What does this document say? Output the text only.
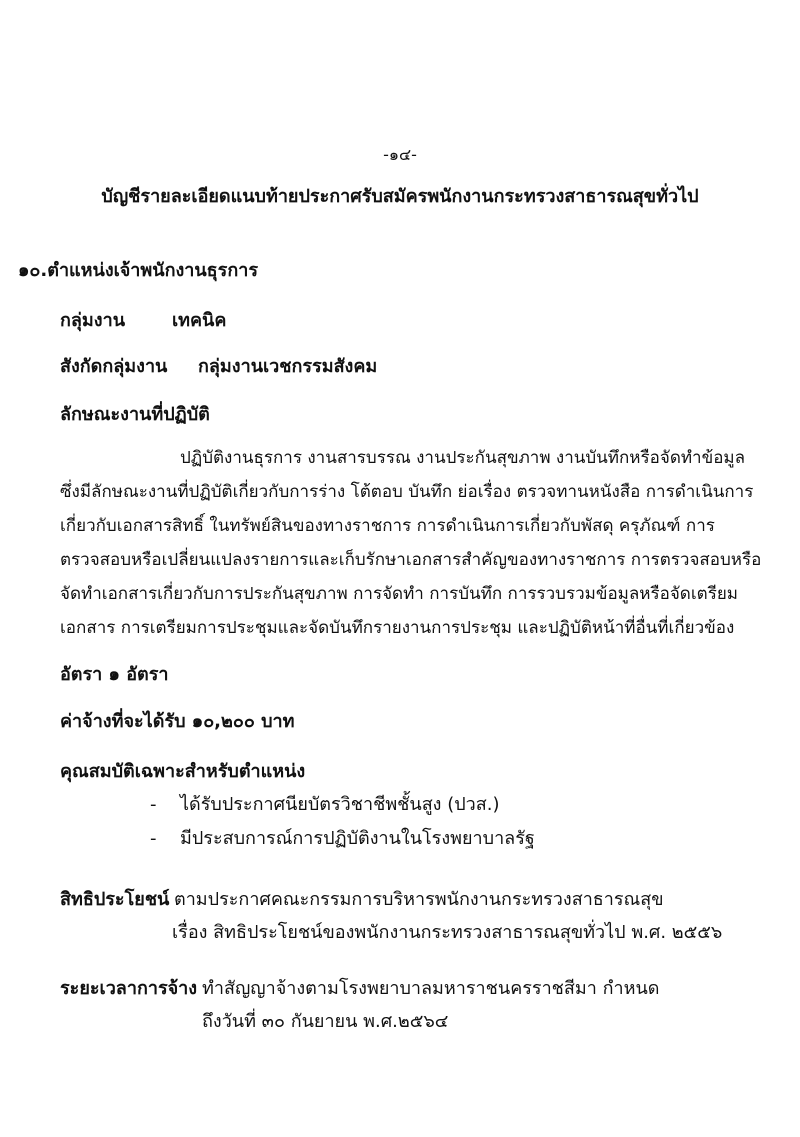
-๑๔-
บัญชีรายละเอียดแนบท้ายประกาศรับสมัครพนักงานกระทรวงสาธารณสุขทั่วไป
๑๐.ตำแหน่งเจ้าพนักงานธุรการ
กลุ่มงาน	เทคนิค
สังกัดกลุ่มงาน กลุ่มงานเวชกรรมสังคม
ลักษณะงานที่ปฏิบัติ
ปฏิบัติงานธุรการ งานสารบรรณ งานประกันสุขภาพ งานบันทึกหรือจัดทำข้อมูล
ซึ่งมีลักษณะงานที่ปฏิบัติเกี่ยวกับการร่าง โต้ตอบ บันทึก ย่อเรื่อง ตรวจทานหนังสือ การดำเนินการ
เกี่ยวกับเอกสารสิทธิ์ ในทรัพย์สินของทางราชการ การดำเนินการเกี่ยวกับพัสดุ ครุภัณฑ์ การ
ตรวจสอบหรือเปลี่ยนแปลงรายการและเก็บรักษาเอกสารสำคัญของทางราชการ การตรวจสอบหรือ
จัดทำเอกสารเกี่ยวกับการประกันสุขภาพ การจัดทำ การบันทึก การรวบรวมข้อมูลหรือจัดเตรียม
เอกสาร การเตรียมการประชุมและจัดบันทึกรายงานการประชุม และปฏิบัติหน้าที่อื่นที่เกี่ยวข้อง
อัตรา ๑ อัตรา
ค่าจ้างที่จะได้รับ ๑๐,๒๐๐ บาท
คุณสมบัติเฉพาะสำหรับตำแหน่ง
- ได้รับประกาศนียบัตรวิชาชีพชั้นสูง (ปวส.)
- มีประสบการณ์การปฏิบัติงานในโรงพยาบาลรัฐ
สิทธิประโยชน์ ตามประกาศคณะกรรมการบริหารพนักงานกระทรวงสาธารณสุข
เรื่อง สิทธิประโยชน์ของพนักงานกระทรวงสาธารณสุขทั่วไป พ.ศ. ๒๕๕๖
ระยะเวลาการจ้าง ทำสัญญาจ้างตามโรงพยาบาลมหาราชนครราชสีมา กำหนด
ถึงวันที่ ๓๐ กันยายน พ.ศ.๒๕๖๔
